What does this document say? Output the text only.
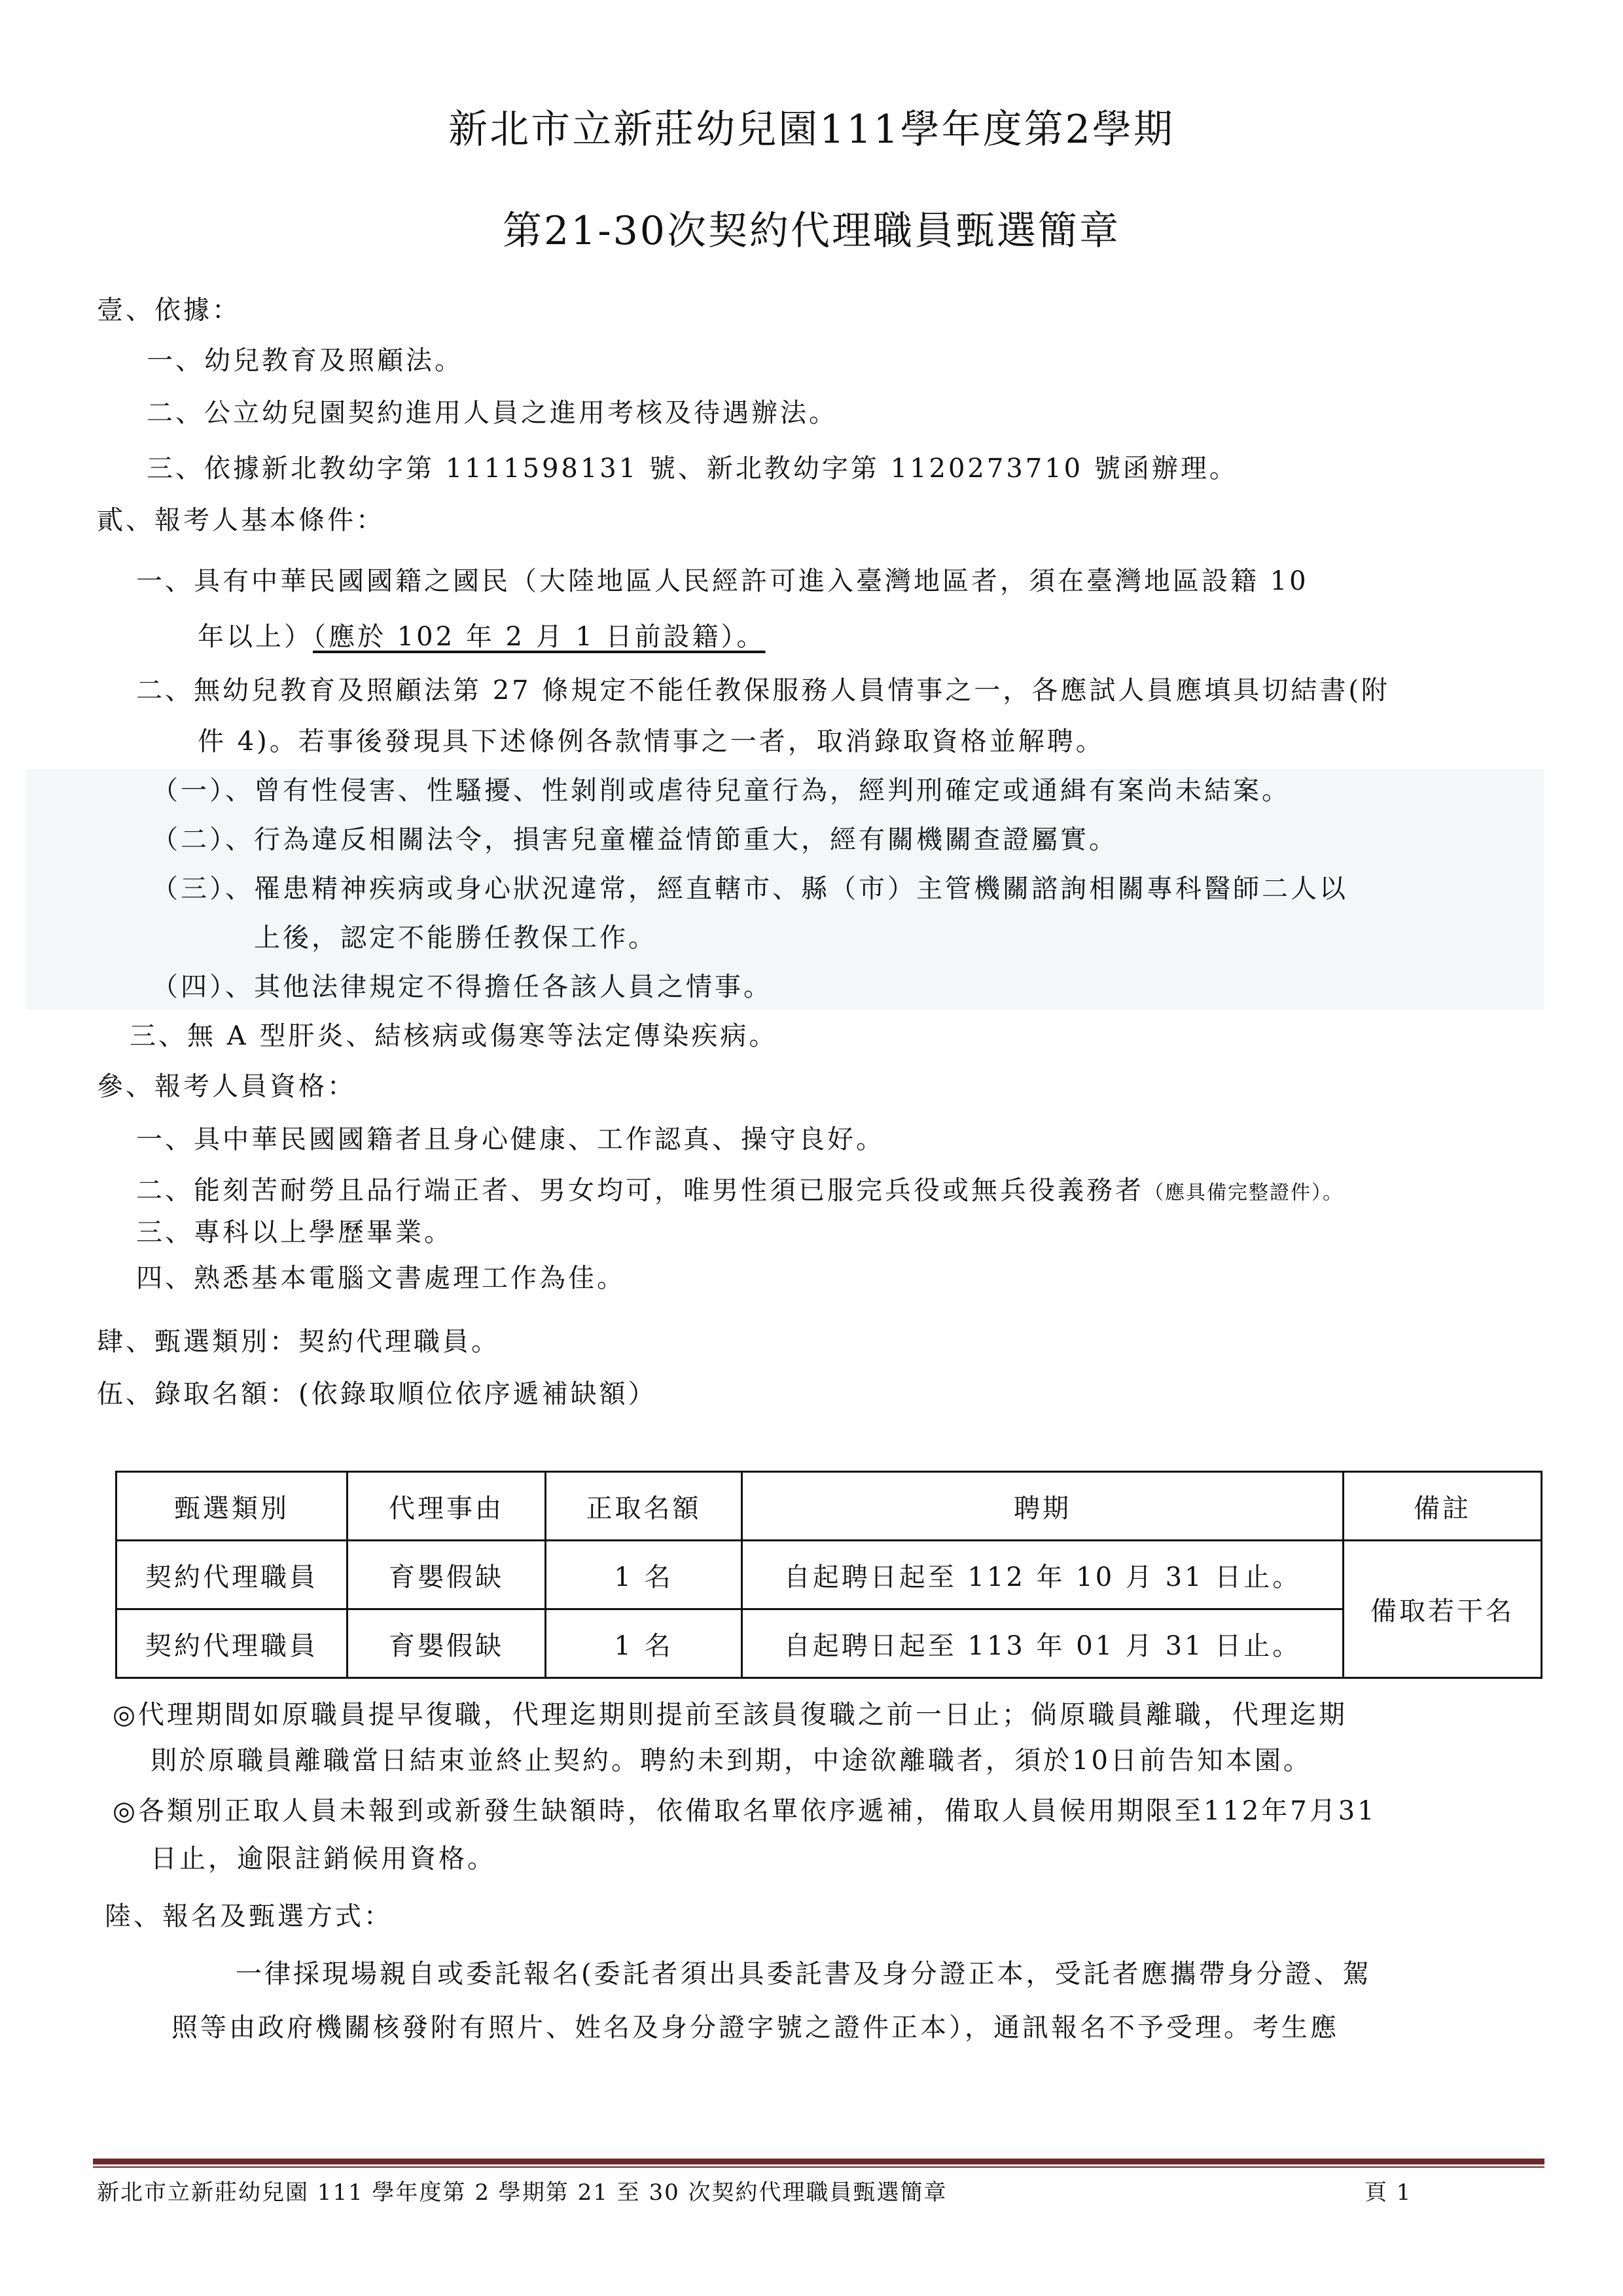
新北市立新莊幼兒園111學年度第2學期
第21-30次契約代理職員甄選簡章
壹、依據：
一、幼兒教育及照顧法。
二、公立幼兒園契約進用人員之進用考核及待遇辦法。
三、依據新北教幼字第 1111598131 號、新北教幼字第 1120273710 號函辦理。
貳、報考人基本條件：
一、具有中華民國國籍之國民（大陸地區人民經許可進入臺灣地區者，須在臺灣地區設籍 10
年以上）（應於 102 年 2 月 1 日前設籍）。
二、無幼兒教育及照顧法第 27 條規定不能任教保服務人員情事之一，各應試人員應填具切結書(附
件 4)。若事後發現具下述條例各款情事之一者，取消錄取資格並解聘。
（一）、曾有性侵害、性騷擾、性剝削或虐待兒童行為，經判刑確定或通緝有案尚未結案。
（二）、行為違反相關法令，損害兒童權益情節重大，經有關機關查證屬實。
（三）、罹患精神疾病或身心狀況違常，經直轄市、縣（市）主管機關諮詢相關專科醫師二人以
上後，認定不能勝任教保工作。
（四）、其他法律規定不得擔任各該人員之情事。
三、無 A 型肝炎、結核病或傷寒等法定傳染疾病。
參、報考人員資格：
一、具中華民國國籍者且身心健康、工作認真、操守良好。
二、能刻苦耐勞且品行端正者、男女均可，唯男性須已服完兵役或無兵役義務者（應具備完整證件）。
三、專科以上學歷畢業。
四、熟悉基本電腦文書處理工作為佳。
肆、甄選類別：契約代理職員。
伍、錄取名額：(依錄取順位依序遞補缺額）
甄選類別	代理事由	正取名額	聘期	備註
契約代理職員	育嬰假缺	1 名	自起聘日起至 112 年 10 月 31 日止。	備取若干名
契約代理職員	育嬰假缺	1 名	自起聘日起至 113 年 01 月 31 日止。	
◎代理期間如原職員提早復職，代理迄期則提前至該員復職之前一日止；倘原職員離職，代理迄期
則於原職員離職當日結束並終止契約。聘約未到期，中途欲離職者，須於10日前告知本園。
◎各類別正取人員未報到或新發生缺額時，依備取名單依序遞補，備取人員候用期限至112年7月31
日止，逾限註銷候用資格。
陸、報名及甄選方式：
一律採現場親自或委託報名(委託者須出具委託書及身分證正本，受託者應攜帶身分證、駕
照等由政府機關核發附有照片、姓名及身分證字號之證件正本），通訊報名不予受理。考生應
新北市立新莊幼兒園 111 學年度第 2 學期第 21 至 30 次契約代理職員甄選簡章	頁 1
